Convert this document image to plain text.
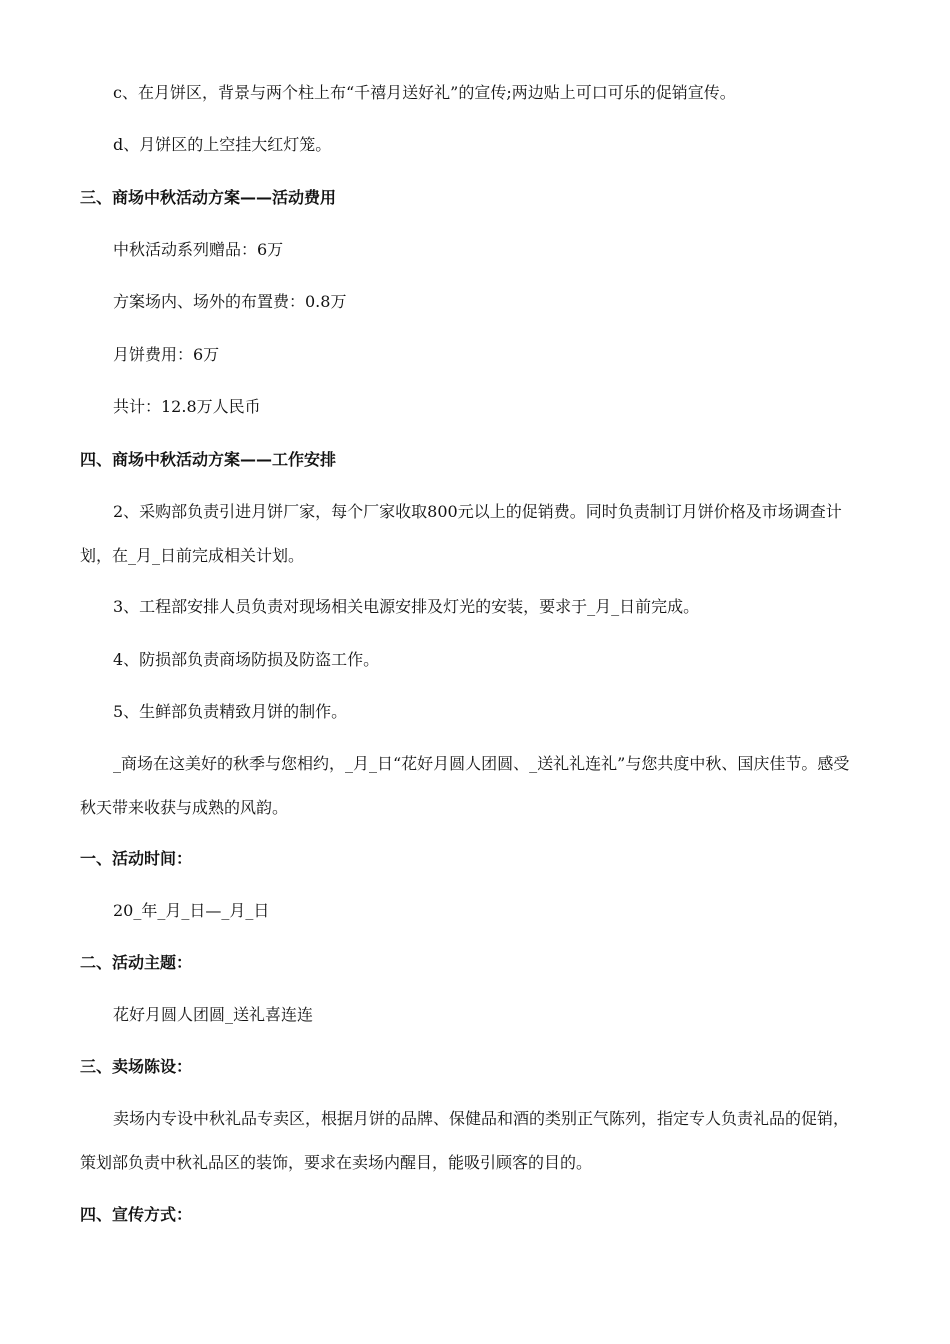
c、在月饼区，背景与两个柱上布“千禧月送好礼”的宣传;两边贴上可口可乐的促销宣传。
d、月饼区的上空挂大红灯笼。
三、商场中秋活动方案——活动费用
中秋活动系列赠品：6万
方案场内、场外的布置费：0.8万
月饼费用：6万
共计：12.8万人民币
四、商场中秋活动方案——工作安排
2、采购部负责引进月饼厂家，每个厂家收取800元以上的促销费。同时负责制订月饼价格及市场调查计划，在_月_日前完成相关计划。
3、工程部安排人员负责对现场相关电源安排及灯光的安装，要求于_月_日前完成。
4、防损部负责商场防损及防盗工作。
5、生鲜部负责精致月饼的制作。
_商场在这美好的秋季与您相约，_月_日“花好月圆人团圆、_送礼礼连礼”与您共度中秋、国庆佳节。感受秋天带来收获与成熟的风韵。
一、活动时间：
20_年_月_日—_月_日
二、活动主题：
花好月圆人团圆_送礼喜连连
三、卖场陈设：
卖场内专设中秋礼品专卖区，根据月饼的品牌、保健品和酒的类别正气陈列，指定专人负责礼品的促销，策划部负责中秋礼品区的装饰，要求在卖场内醒目，能吸引顾客的目的。
四、宣传方式：
